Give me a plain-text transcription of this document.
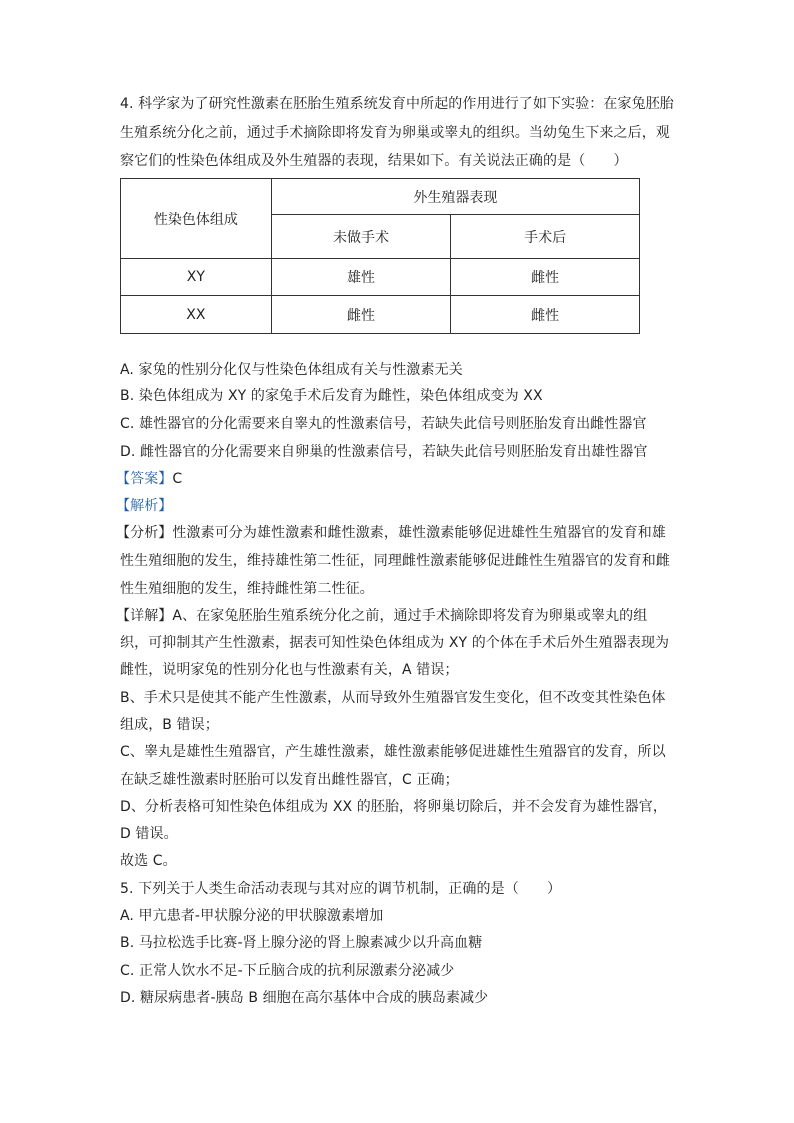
4. 科学家为了研究性激素在胚胎生殖系统发育中所起的作用进行了如下实验：在家兔胚胎
生殖系统分化之前，通过手术摘除即将发育为卵巢或睾丸的组织。当幼兔生下来之后，观
察它们的性染色体组成及外生殖器的表现，结果如下。有关说法正确的是（　　）
性染色体组成	外生殖器表现	
	未做手术	手术后
XY	雄性	雌性
XX	雌性	雌性
A. 家兔的性别分化仅与性染色体组成有关与性激素无关
B. 染色体组成为 XY 的家兔手术后发育为雌性，染色体组成变为 XX
C. 雄性器官的分化需要来自睾丸的性激素信号，若缺失此信号则胚胎发育出雌性器官
D. 雌性器官的分化需要来自卵巢的性激素信号，若缺失此信号则胚胎发育出雄性器官
【答案】C
【解析】
【分析】性激素可分为雄性激素和雌性激素，雄性激素能够促进雄性生殖器官的发育和雄
性生殖细胞的发生，维持雄性第二性征，同理雌性激素能够促进雌性生殖器官的发育和雌
性生殖细胞的发生，维持雌性第二性征。
【详解】A、在家兔胚胎生殖系统分化之前，通过手术摘除即将发育为卵巢或睾丸的组
织，可抑制其产生性激素，据表可知性染色体组成为 XY 的个体在手术后外生殖器表现为
雌性，说明家兔的性别分化也与性激素有关，A 错误；
B、手术只是使其不能产生性激素，从而导致外生殖器官发生变化，但不改变其性染色体
组成，B 错误；
C、睾丸是雄性生殖器官，产生雄性激素，雄性激素能够促进雄性生殖器官的发育，所以
在缺乏雄性激素时胚胎可以发育出雌性器官，C 正确；
D、分析表格可知性染色体组成为 XX 的胚胎，将卵巢切除后，并不会发育为雄性器官，
D 错误。
故选 C。
5. 下列关于人类生命活动表现与其对应的调节机制，正确的是（　　）
A. 甲亢患者-甲状腺分泌的甲状腺激素增加
B. 马拉松选手比赛-肾上腺分泌的肾上腺素减少以升高血糖
C. 正常人饮水不足-下丘脑合成的抗利尿激素分泌减少
D. 糖尿病患者-胰岛 B 细胞在高尔基体中合成的胰岛素减少
